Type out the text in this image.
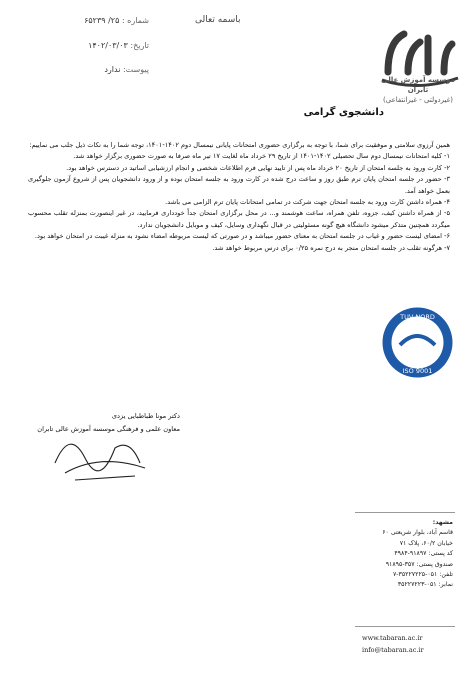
شماره : ۲۵/ ۶۵۲۳۹
تاریخ: ۱۴۰۲/۰۳/۰۳
پیوست: ندارد
باسمه تعالی
موسسه آموزش عالی تابران
(غیردولتی - غیرانتفاعی)
دانشجوی گرامی

همین آرزوی سلامتی و موفقیت برای شما، با توجه به برگزاری حضوری امتحانات پایانی نیمسال دوم ۱۴۰۲-۱۴۰۱، توجه شما را به نکات ذیل جلب می نماییم:

۱- کلیه امتحانات نیمسال دوم سال تحصیلی ۱۴۰۲-۱۴۰۱ از تاریخ ۲۹ خرداد ماه لغایت ۱۷ تیر ماه صرفا به صورت حضوری برگزار خواهد شد.

۲- کارت ورود به جلسه امتحان از تاریخ ۲۰ خرداد ماه پس از تایید نهایی فرم اطلاعات شخصی و انجام ارزشیابی اساتید در دسترس خواهد بود.

۳- حضور در جلسه امتحان پایان ترم طبق روز و ساعت درج شده در کارت ورود به جلسه امتحان بوده و از ورود دانشجویان پس از شروع آزمون جلوگیری بعمل خواهد آمد.

۴- همراه داشتن کارت ورود به جلسه امتحان جهت شرکت در تمامی امتحانات پایان ترم الزامی می باشد.

۵- از همراه داشتن کیف، جزوه، تلفن همراه، ساعت هوشمند و... در محل برگزاری امتحان جداً خودداری فرمایید، در غیر اینصورت بمنزله تقلب محسوب میگردد همچنین متذکر میشود دانشگاه هیچ گونه مسئولیتی در قبال نگهداری وسایل، کیف و موبایل دانشجویان ندارد.

۶- امضای لیست حضور و غیاب در جلسه امتحان به معنای حضور میباشد و در صورتی که لیست مربوطه امضاء نشود به منزله غیبت در امتحان خواهد بود.

۷- هرگونه تقلب در جلسه امتحان منجر به درج نمره ۰/۲۵ برای درس مربوط خواهد شد.

دکتر مونا طباطبایی یزدی
معاون علمی و فرهنگی موسسه آموزش عالی تابران
TUV NORD
ISO 9001
مشهد:
قاسم آباد، بلوار شریعتی ۶۰
خیابان ۶۰/۲، پلاک ۷۱
کد پستی: ۹۱۸۹۷-۴۹۸۴
صندوق پستی: ۳۵۷-۹۱۸۹۵
تلفن: ۰۵۱-۳۵۲۲۷۲۲۵-۷
نمابر: ۰۵۱-۳۵۲۲۷۲۲۳
www.tabaran.ac.ir
info@tabaran.ac.ir
